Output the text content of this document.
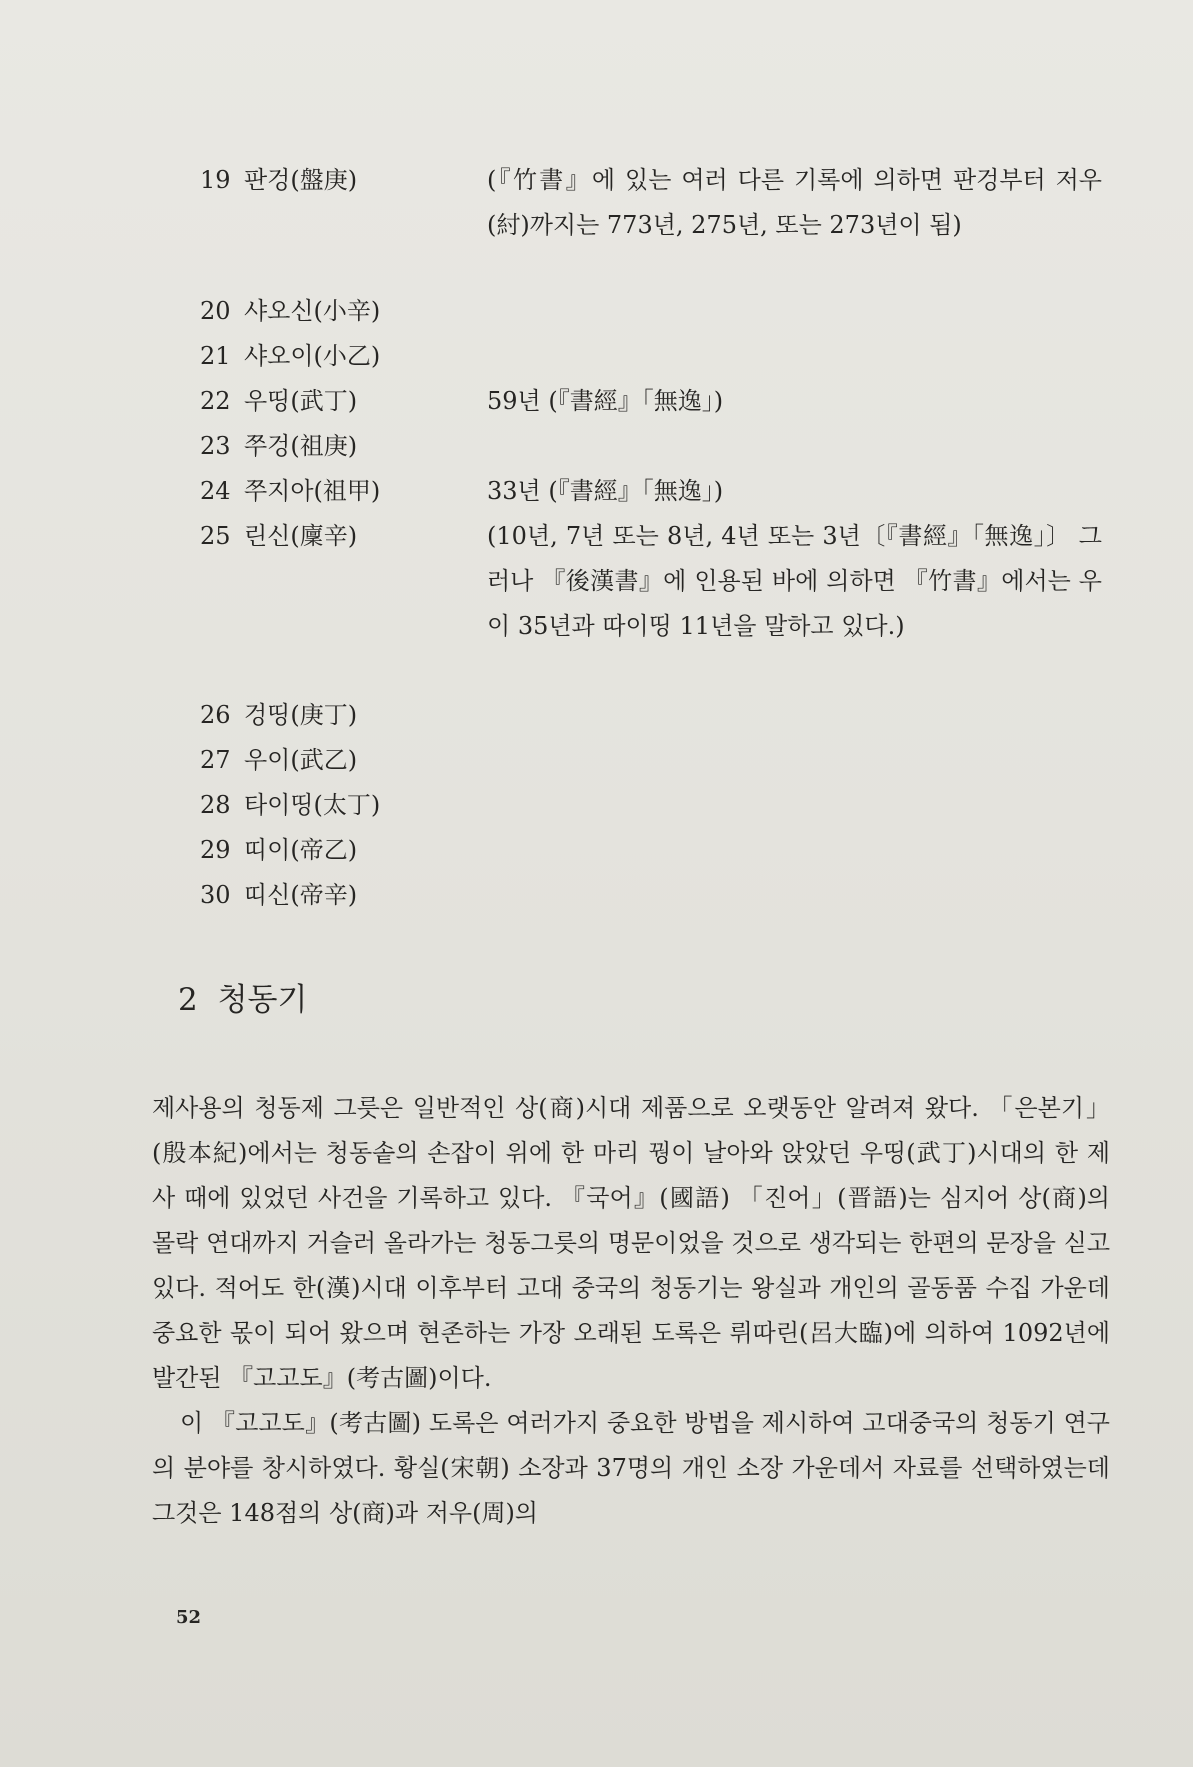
19 판겅(盤庚)	(『竹書』에 있는 여러 다른 기록에 의하면 판겅부터 저우(紂)까지는 773년, 275년, 또는 273년이 됨)
20 샤오신(小辛)
21 샤오이(小乙)
22 우띵(武丁)	59년 (『書經』「無逸」)
23 쭈겅(祖庚)
24 쭈지아(祖甲)	33년 (『書經』「無逸」)
25 린신(廩辛)	(10년, 7년 또는 8년, 4년 또는 3년〔『書經』「無逸」〕 그러나 『後漢書』에 인용된 바에 의하면 『竹書』에서는 우이 35년과 따이띵 11년을 말하고 있다.)
26 겅띵(庚丁)
27 우이(武乙)
28 타이띵(太丁)
29 띠이(帝乙)
30 띠신(帝辛)
2 청동기

제사용의 청동제 그릇은 일반적인 상(商)시대 제품으로 오랫동안 알려져 왔다. 「은본기」(殷本紀)에서는 청동솥의 손잡이 위에 한 마리 꿩이 날아와 앉았던 우띵(武丁)시대의 한 제사 때에 있었던 사건을 기록하고 있다. 『국어』(國語) 「진어」(晋語)는 심지어 상(商)의 몰락 연대까지 거슬러 올라가는 청동그릇의 명문이었을 것으로 생각되는 한편의 문장을 싣고 있다. 적어도 한(漢)시대 이후부터 고대 중국의 청동기는 왕실과 개인의 골동품 수집 가운데 중요한 몫이 되어 왔으며 현존하는 가장 오래된 도록은 뤼따린(呂大臨)에 의하여 1092년에 발간된 『고고도』(考古圖)이다.

이 『고고도』(考古圖) 도록은 여러가지 중요한 방법을 제시하여 고대중국의 청동기 연구의 분야를 창시하였다. 황실(宋朝) 소장과 37명의 개인 소장 가운데서 자료를 선택하였는데 그것은 148점의 상(商)과 저우(周)의

52
